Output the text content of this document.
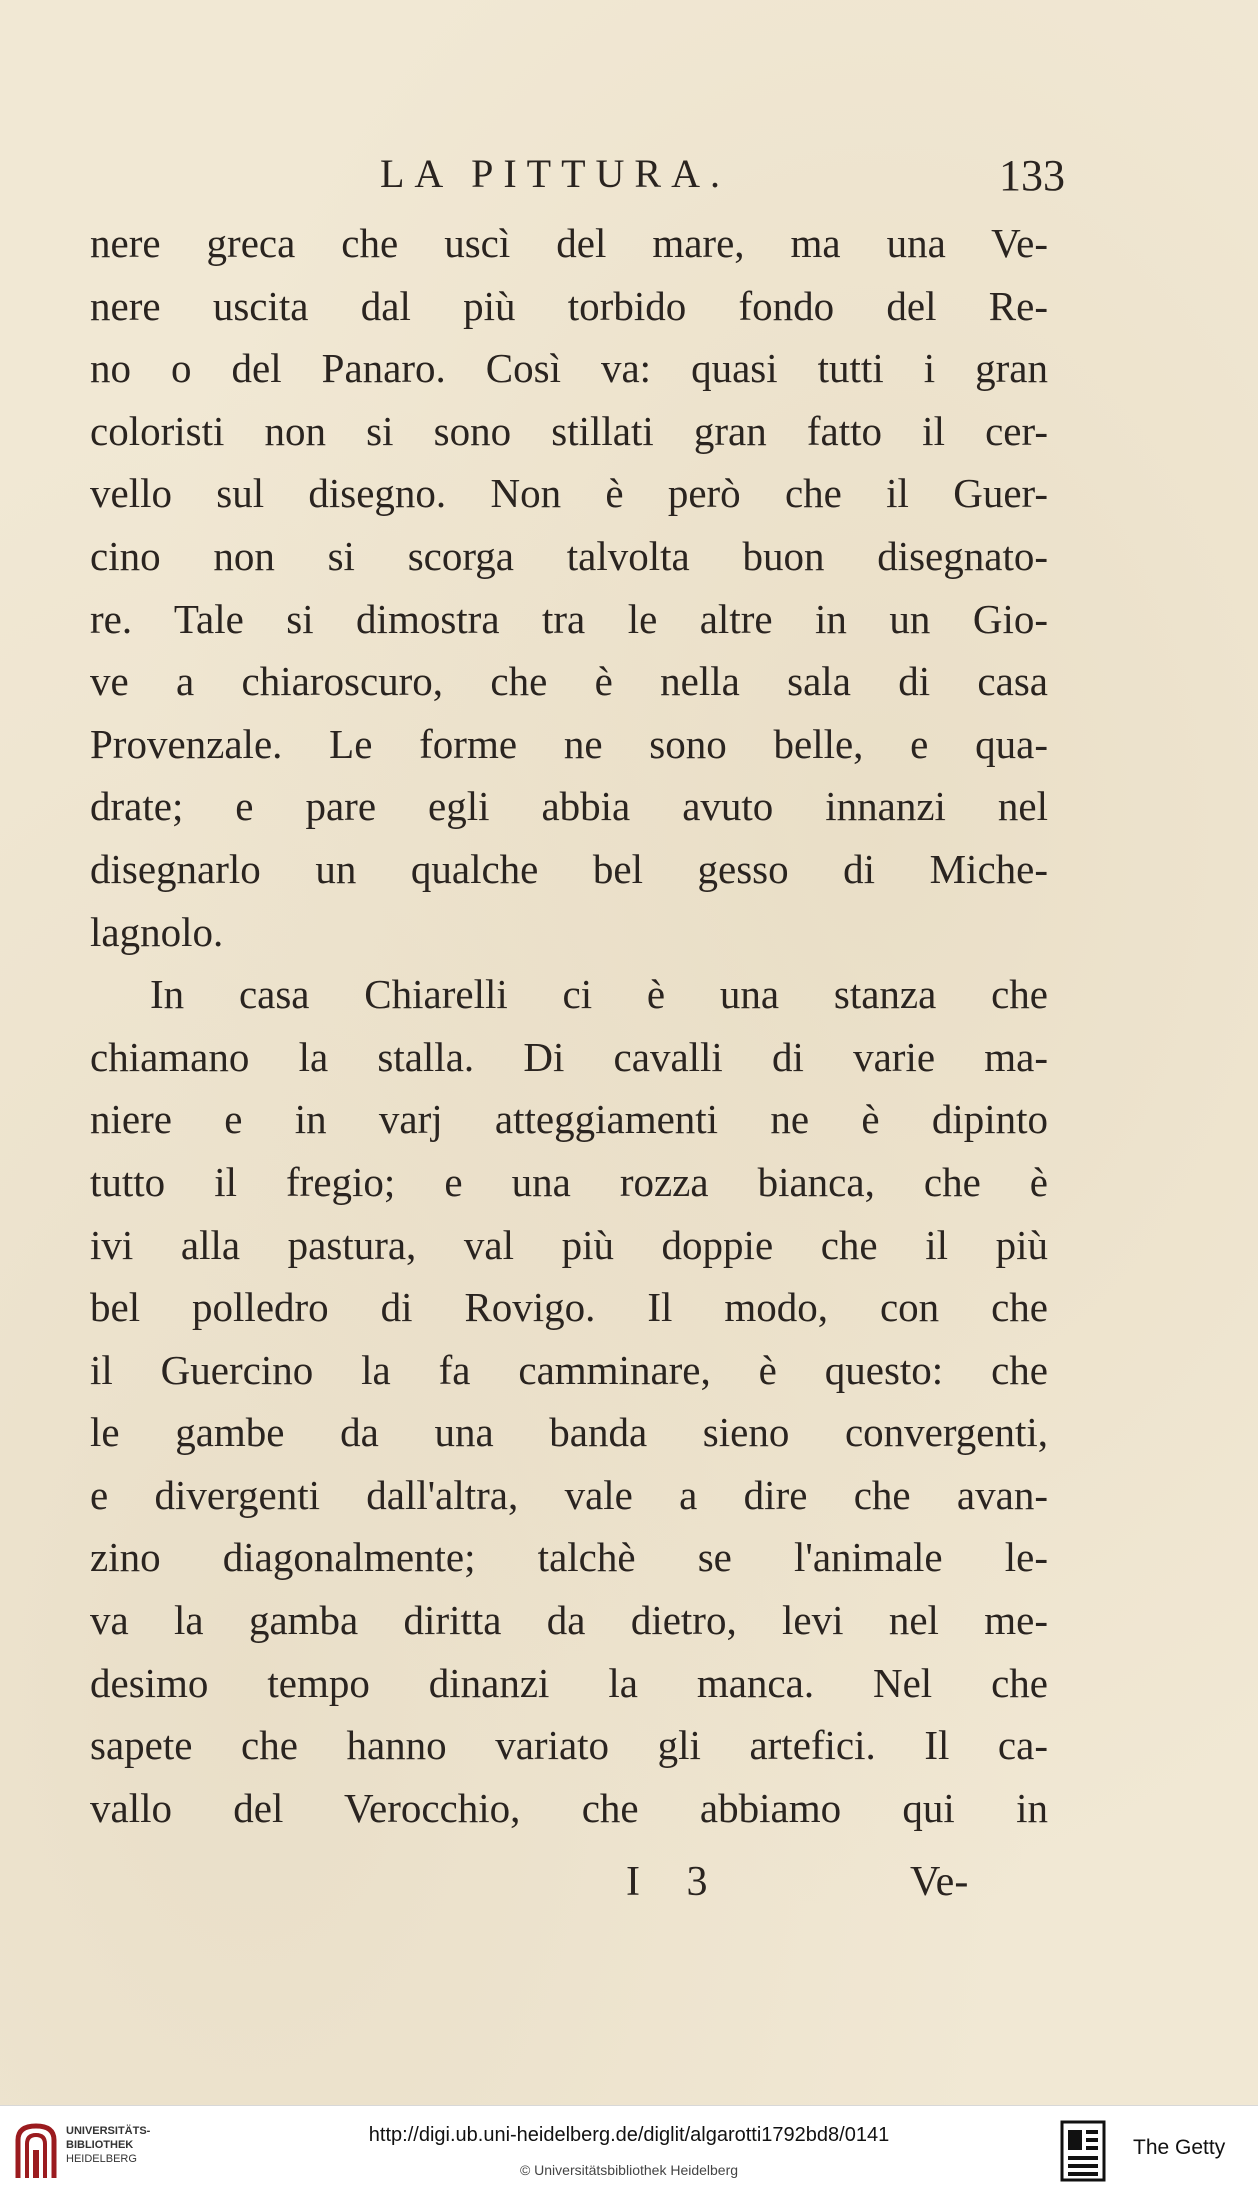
LA PITTURA.	133
nere greca che uscì del mare, ma una Ve-
nere uscita dal più torbido fondo del Re-
no o del Panaro. Così va: quasi tutti i gran
coloristi non si sono stillati gran fatto il cer-
vello sul disegno. Non è però che il Guer-
cino non si scorga talvolta buon disegnato-
re. Tale si dimostra tra le altre in un Gio-
ve a chiaroscuro, che è nella sala di casa
Provenzale. Le forme ne sono belle, e qua-
drate; e pare egli abbia avuto innanzi nel
disegnarlo un qualche bel gesso di Miche-
lagnolo.
In casa Chiarelli ci è una stanza che
chiamano la stalla. Di cavalli di varie ma-
niere e in varj atteggiamenti ne è dipinto
tutto il fregio; e una rozza bianca, che è
ivi alla pastura, val più doppie che il più
bel polledro di Rovigo. Il modo, con che
il Guercino la fa camminare, è questo: che
le gambe da una banda sieno convergenti,
e divergenti dall'altra, vale a dire che avan-
zino diagonalmente; talchè se l'animale le-
va la gamba diritta da dietro, levi nel me-
desimo tempo dinanzi la manca. Nel che
sapete che hanno variato gli artefici. Il ca-
vallo del Verocchio, che abbiamo qui in
I 3	Ve-
UNIVERSITÄTS-
BIBLIOTHEK
HEIDELBERG
http://digi.ub.uni-heidelberg.de/diglit/algarotti1792bd8/0141
© Universitätsbibliothek Heidelberg
The Getty
